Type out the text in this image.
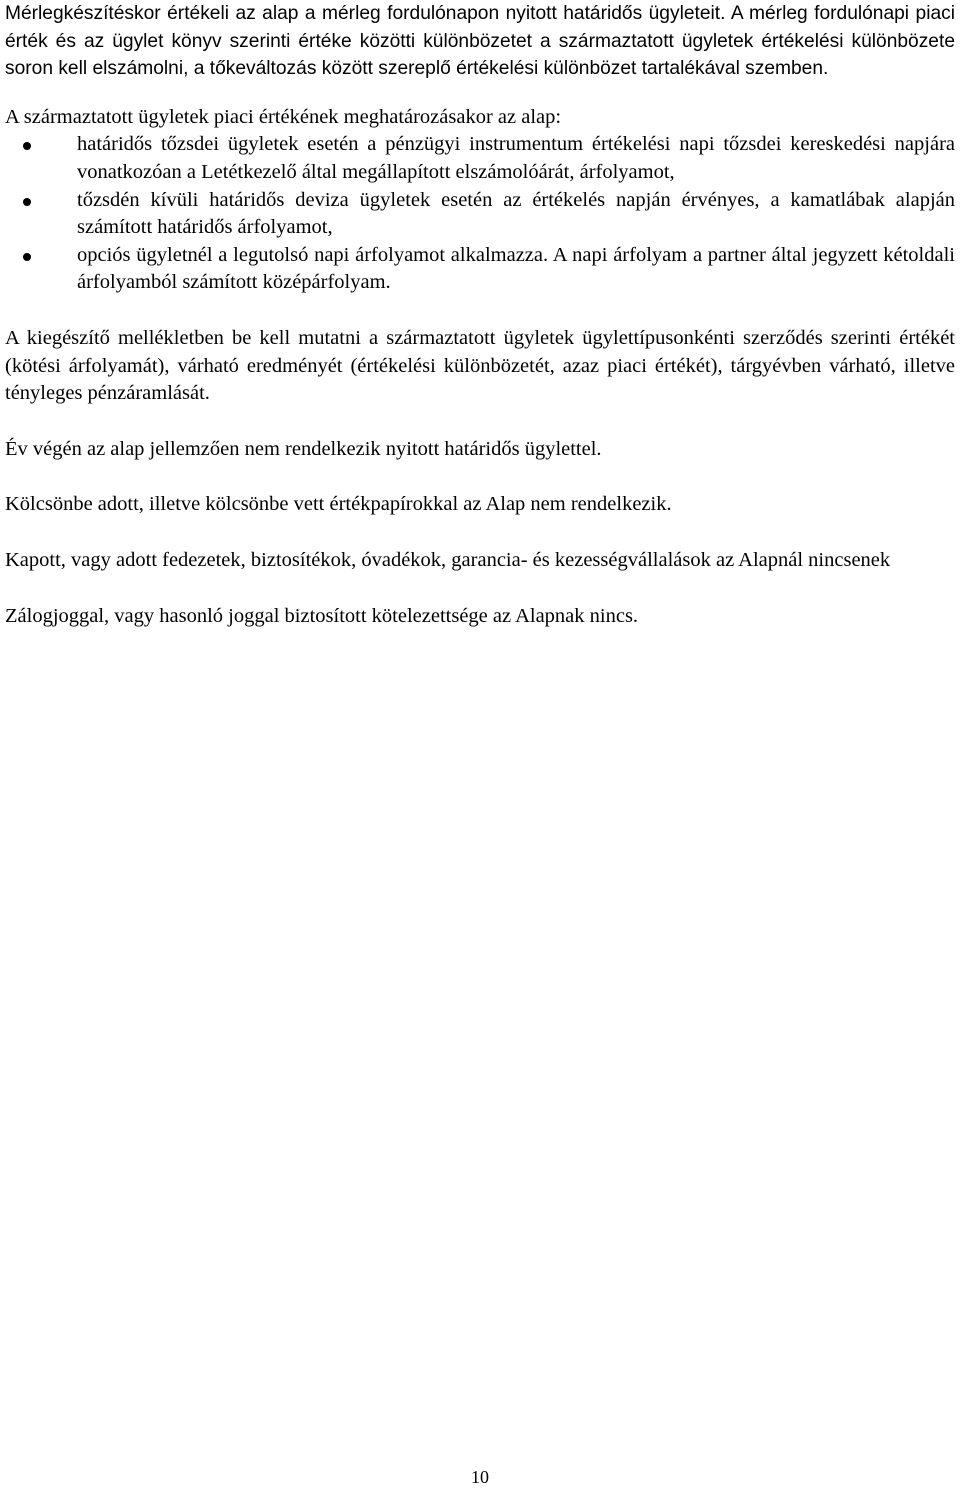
Mérlegkészítéskor értékeli az alap a mérleg fordulónapon nyitott határidős ügyleteit. A mérleg fordulónapi piaci érték és az ügylet könyv szerinti értéke közötti különbözetet a származtatott ügyletek értékelési különbözete soron kell elszámolni, a tőkeváltozás között szereplő értékelési különbözet tartalékával szemben.

A származtatott ügyletek piaci értékének meghatározásakor az alap:

határidős tőzsdei ügyletek esetén a pénzügyi instrumentum értékelési napi tőzsdei kereskedési napjára vonatkozóan a Letétkezelő által megállapított elszámolóárát, árfolyamot,
tőzsdén kívüli határidős deviza ügyletek esetén az értékelés napján érvényes, a kamatlábak alapján számított határidős árfolyamot,
opciós ügyletnél a legutolsó napi árfolyamot alkalmazza. A napi árfolyam a partner által jegyzett kétoldali árfolyamból számított középárfolyam.

A kiegészítő mellékletben be kell mutatni a származtatott ügyletek ügylettípusonkénti szerződés szerinti értékét (kötési árfolyamát), várható eredményét (értékelési különbözetét, azaz piaci értékét), tárgyévben várható, illetve tényleges pénzáramlását.

Év végén az alap jellemzően nem rendelkezik nyitott határidős ügylettel.

Kölcsönbe adott, illetve kölcsönbe vett értékpapírokkal az Alap nem rendelkezik.

Kapott, vagy adott fedezetek, biztosítékok, óvadékok, garancia- és kezességvállalások az Alapnál nincsenek

Zálogjoggal, vagy hasonló joggal biztosított kötelezettsége az Alapnak nincs.

10
